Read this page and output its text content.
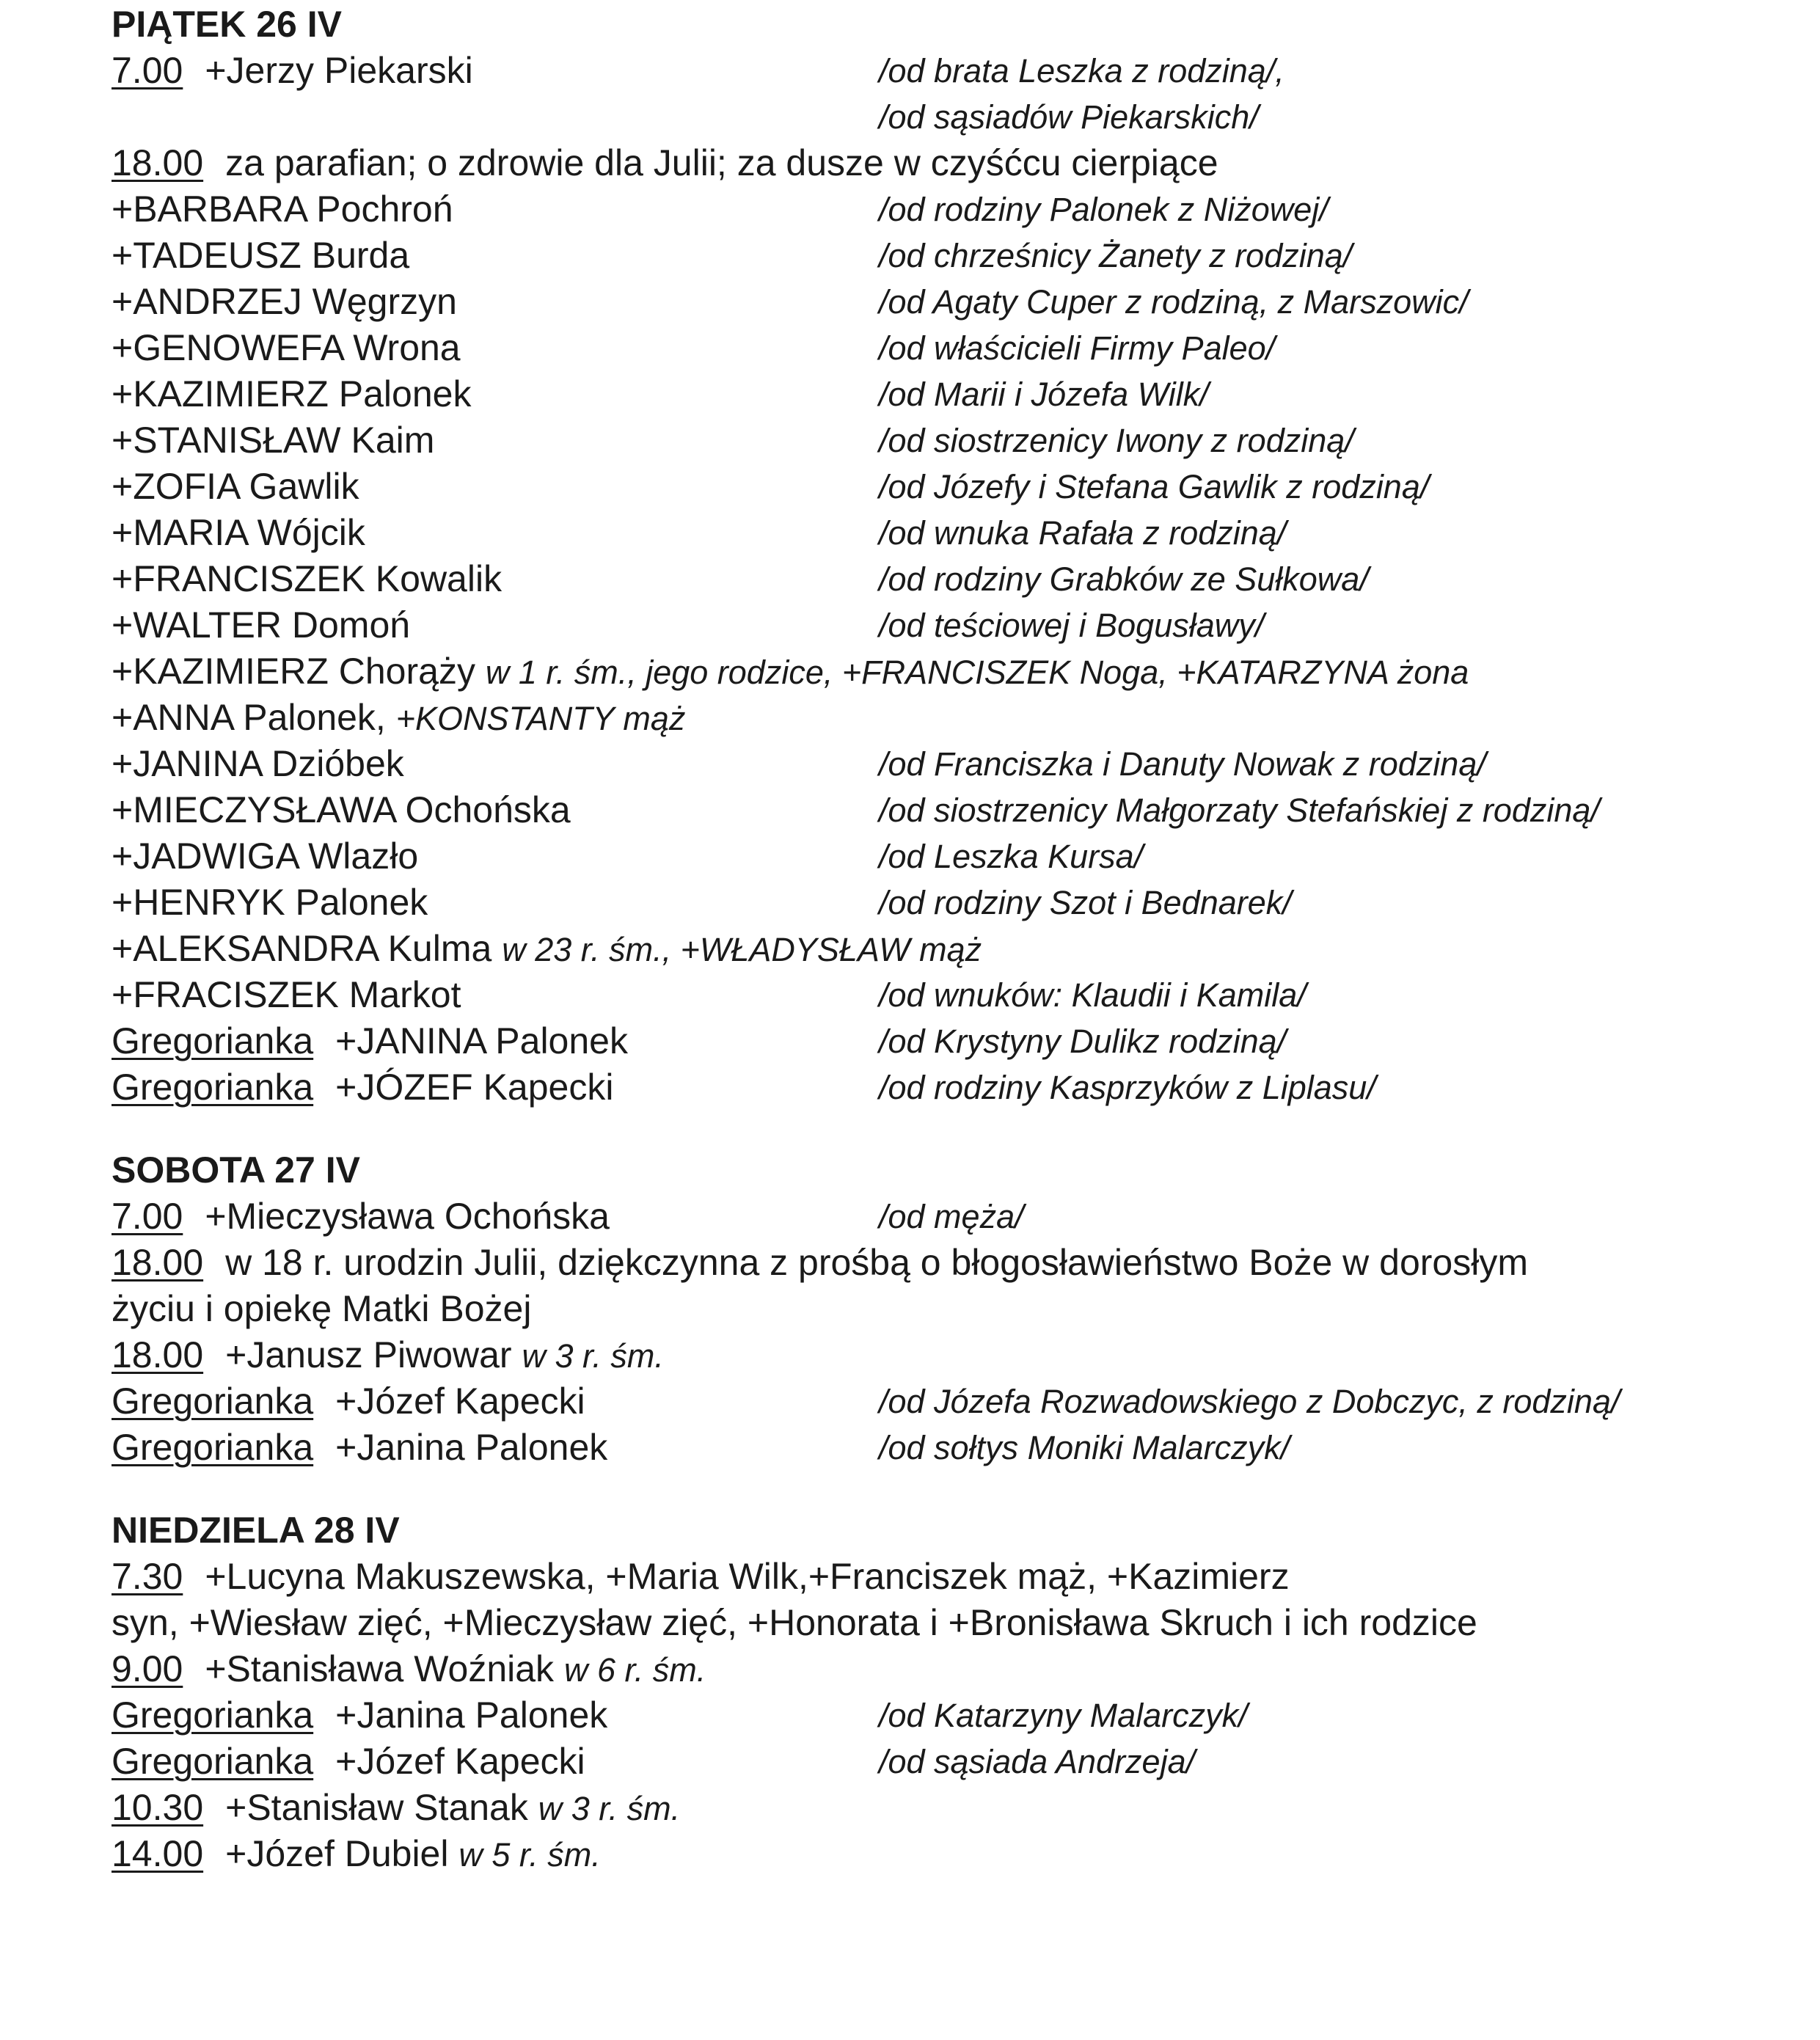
PIĄTEK 26 IV
7.00 +Jerzy Piekarski	/od brata Leszka z rodziną/,
/od sąsiadów Piekarskich/
18.00 za parafian; o zdrowie dla Julii; za dusze w czyśćcu cierpiące
+BARBARA Pochroń	/od rodziny Palonek z Niżowej/
+TADEUSZ Burda	/od chrześnicy Żanety z rodziną/
+ANDRZEJ Węgrzyn	/od Agaty Cuper z rodziną, z Marszowic/
+GENOWEFA Wrona	/od właścicieli Firmy Paleo/
+KAZIMIERZ Palonek	/od Marii i Józefa Wilk/
+STANISŁAW Kaim	/od siostrzenicy Iwony z rodziną/
+ZOFIA Gawlik	/od Józefy i Stefana Gawlik z rodziną/
+MARIA Wójcik	/od wnuka Rafała z rodziną/
+FRANCISZEK Kowalik	/od rodziny Grabków ze Sułkowa/
+WALTER Domoń	/od teściowej i Bogusławy/
+KAZIMIERZ Chorąży w 1 r. śm., jego rodzice, +FRANCISZEK Noga, +KATARZYNA żona
+ANNA Palonek, +KONSTANTY mąż
+JANINA Dzióbek	/od Franciszka i Danuty Nowak z rodziną/
+MIECZYSŁAWA Ochońska	/od siostrzenicy Małgorzaty Stefańskiej z rodziną/
+JADWIGA Wlazło	/od Leszka Kursa/
+HENRYK Palonek	/od rodziny Szot i Bednarek/
+ALEKSANDRA Kulma w 23 r. śm., +WŁADYSŁAW mąż
+FRACISZEK Markot	/od wnuków: Klaudii i Kamila/
Gregorianka +JANINA Palonek	/od Krystyny Dulikz rodziną/
Gregorianka +JÓZEF Kapecki	/od rodziny Kasprzyków z Liplasu/
SOBOTA 27 IV
7.00 +Mieczysława Ochońska	/od męża/
18.00 w 18 r. urodzin Julii, dziękczynna z prośbą o błogosławieństwo Boże w dorosłym
życiu i opiekę Matki Bożej
18.00 +Janusz Piwowar w 3 r. śm.
Gregorianka +Józef Kapecki	/od Józefa Rozwadowskiego z Dobczyc, z rodziną/
Gregorianka +Janina Palonek	/od sołtys Moniki Malarczyk/
NIEDZIELA 28 IV
7.30 +Lucyna Makuszewska, +Maria Wilk,+Franciszek mąż, +Kazimierz
syn, +Wiesław zięć, +Mieczysław zięć, +Honorata i +Bronisława Skruch i ich rodzice
9.00 +Stanisława Woźniak w 6 r. śm.
Gregorianka +Janina Palonek	/od Katarzyny Malarczyk/
Gregorianka +Józef Kapecki	/od sąsiada Andrzeja/
10.30 +Stanisław Stanak w 3 r. śm.
14.00 +Józef Dubiel w 5 r. śm.
